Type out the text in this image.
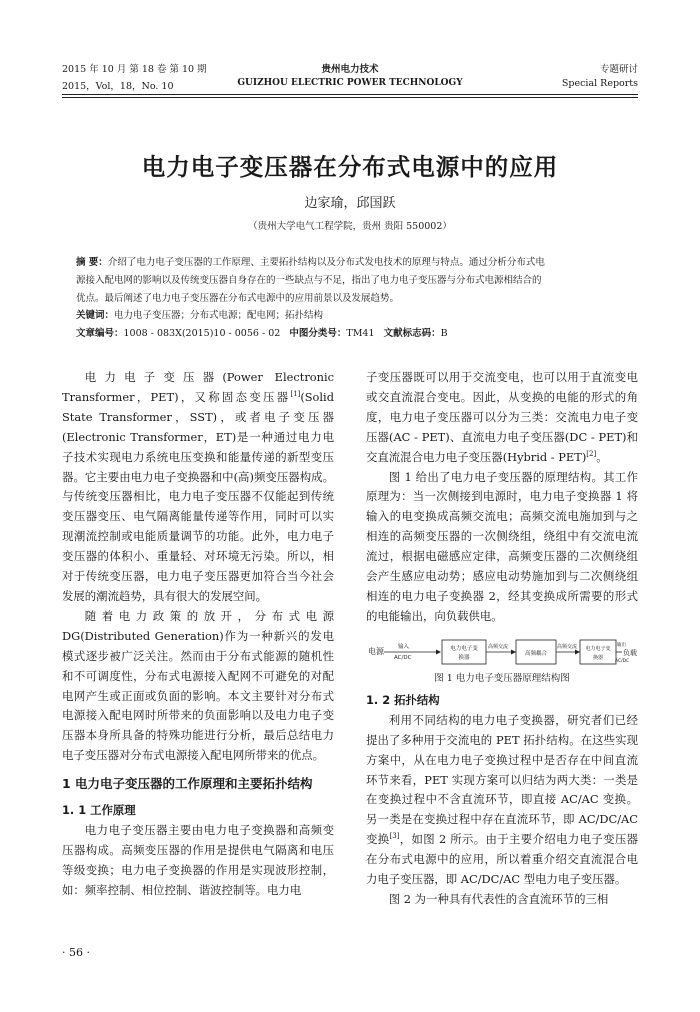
2015 年 10 月 第 18 卷 第 10 期	贵州电力技术	专题研讨
2015，Vol，18，No. 10	GUIZHOU ELECTRIC POWER TECHNOLOGY	Special Reports
电力电子变压器在分布式电源中的应用
边家瑜，邱国跃
（贵州大学电气工程学院，贵州 贵阳 550002）
摘 要：介绍了电力电子变压器的工作原理、主要拓扑结构以及分布式发电技术的原理与特点。通过分析分布式电
源接入配电网的影响以及传统变压器自身存在的一些缺点与不足，指出了电力电子变压器与分布式电源相结合的
优点。最后阐述了电力电子变压器在分布式电源中的应用前景以及发展趋势。
关键词：电力电子变压器；分布式电源；配电网；拓扑结构
文章编号：1008 - 083X(2015)10 - 0056 - 02 中图分类号：TM41 文献标志码：B

电力电子变压器(Power Electronic Transformer，PET)，又称固态变压器[1](Solid State Transformer，SST)，或者电子变压器(Electronic Transformer，ET)是一种通过电力电子技术实现电力系统电压变换和能量传递的新型变压器。它主要由电力电子变换器和中(高)频变压器构成。与传统变压器相比，电力电子变压器不仅能起到传统变压器变压、电气隔离能量传递等作用，同时可以实现潮流控制或电能质量调节的功能。此外，电力电子变压器的体积小、重量轻、对环境无污染。所以，相对于传统变压器，电力电子变压器更加符合当今社会发展的潮流趋势，具有很大的发展空间。

随着电力政策的放开，分布式电源 DG(Distributed Generation)作为一种新兴的发电模式逐步被广泛关注。然而由于分布式能源的随机性和不可调度性，分布式电源接入配网不可避免的对配电网产生或正面或负面的影响。本文主要针对分布式电源接入配电网时所带来的负面影响以及电力电子变压器本身所具备的特殊功能进行分析，最后总结电力电子变压器对分布式电源接入配电网所带来的优点。

1 电力电子变压器的工作原理和主要拓扑结构
1. 1 工作原理

电力电子变压器主要由电力电子变换器和高频变压器构成。高频变压器的作用是提供电气隔离和电压等级变换；电力电子变换器的作用是实现波形控制，如：频率控制、相位控制、谐波控制等。电力电

子变压器既可以用于交流变电，也可以用于直流变电或交直流混合变电。因此，从变换的电能的形式的角度，电力电子变压器可以分为三类：交流电力电子变压器(AC - PET)、直流电力电子变压器(DC - PET)和交直流混合电力电子变压器(Hybrid - PET)[2]。

图 1 给出了电力电子变压器的原理结构。其工作原理为：当一次侧接到电源时，电力电子变换器 1 将输入的电变换成高频交流电；高频交流电施加到与之相连的高频变压器的一次侧绕组，绕组中有交流电流流过，根据电磁感应定律，高频变压器的二次侧绕组会产生感应电动势；感应电动势施加到与二次侧绕组相连的电力电子变换器 2，经其变换成所需要的形式的电能输出，向负载供电。

电源	输入
AC/DC
电力电子变
换器
高频交流
高频耦合
高频交流 电力电子变
换器
输出
AC/DC
负载

图 1 电力电子变压器原理结构图

1. 2 拓扑结构

利用不同结构的电力电子变换器，研究者们已经提出了多种用于交流电的 PET 拓扑结构。在这些实现方案中，从在电力电子变换过程中是否存在中间直流环节来看，PET 实现方案可以归结为两大类：一类是在变换过程中不含直流环节，即直接 AC/AC 变换。另一类是在变换过程中存在直流环节，即 AC/DC/AC 变换[3]，如图 2 所示。由于主要介绍电力电子变压器在分布式电源中的应用，所以着重介绍交直流混合电力电子变压器，即 AC/DC/AC 型电力电子变压器。

图 2 为一种具有代表性的含直流环节的三相

· 56 ·
